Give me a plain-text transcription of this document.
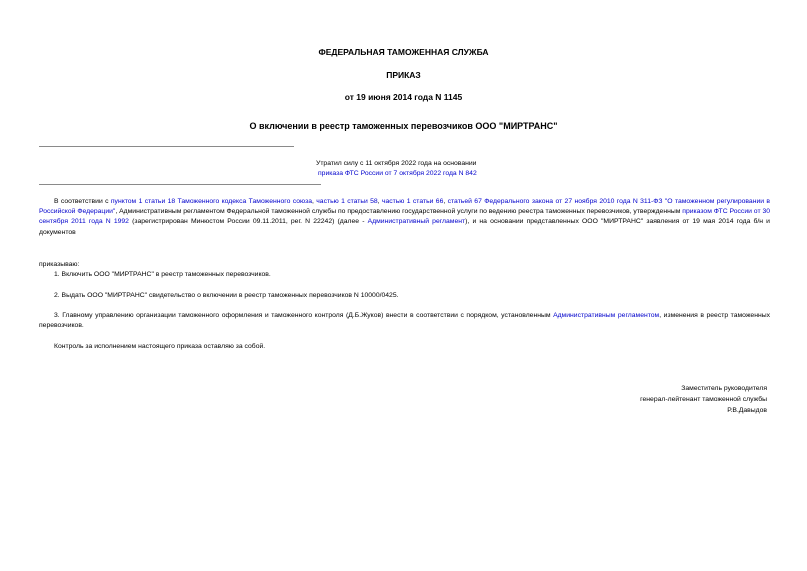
ФЕДЕРАЛЬНАЯ ТАМОЖЕННАЯ СЛУЖБА
ПРИКАЗ
от 19 июня 2014 года N 1145
О включении в реестр таможенных перевозчиков ООО "МИРТРАНС"
Утратил силу с 11 октября 2022 года на основании
приказа ФТС России от 7 октября 2022 года N 842
В соответствии с пунктом 1 статьи 18 Таможенного кодекса Таможенного союза, частью 1 статьи 58, частью 1 статьи 66, статьей 67 Федерального закона от 27 ноября 2010 года N 311-ФЗ "О таможенном регулировании в Российской Федерации", Административным регламентом Федеральной таможенной службы по предоставлению государственной услуги по ведению реестра таможенных перевозчиков, утвержденным приказом ФТС России от 30 сентября 2011 года N 1992 (зарегистрирован Минюстом России 09.11.2011, рег. N 22242) (далее - Административный регламент), и на основании представленных ООО "МИРТРАНС" заявления от 19 мая 2014 года б/н и документов
приказываю:
1. Включить ООО "МИРТРАНС" в реестр таможенных перевозчиков.
2. Выдать ООО "МИРТРАНС" свидетельство о включении в реестр таможенных перевозчиков N 10000/0425.
3. Главному управлению организации таможенного оформления и таможенного контроля (Д.Б.Жуков) внести в соответствии с порядком, установленным Административным регламентом, изменения в реестр таможенных перевозчиков.
Контроль за исполнением настоящего приказа оставляю за собой.
Заместитель руководителя
генерал-лейтенант таможенной службы
Р.В.Давыдов
